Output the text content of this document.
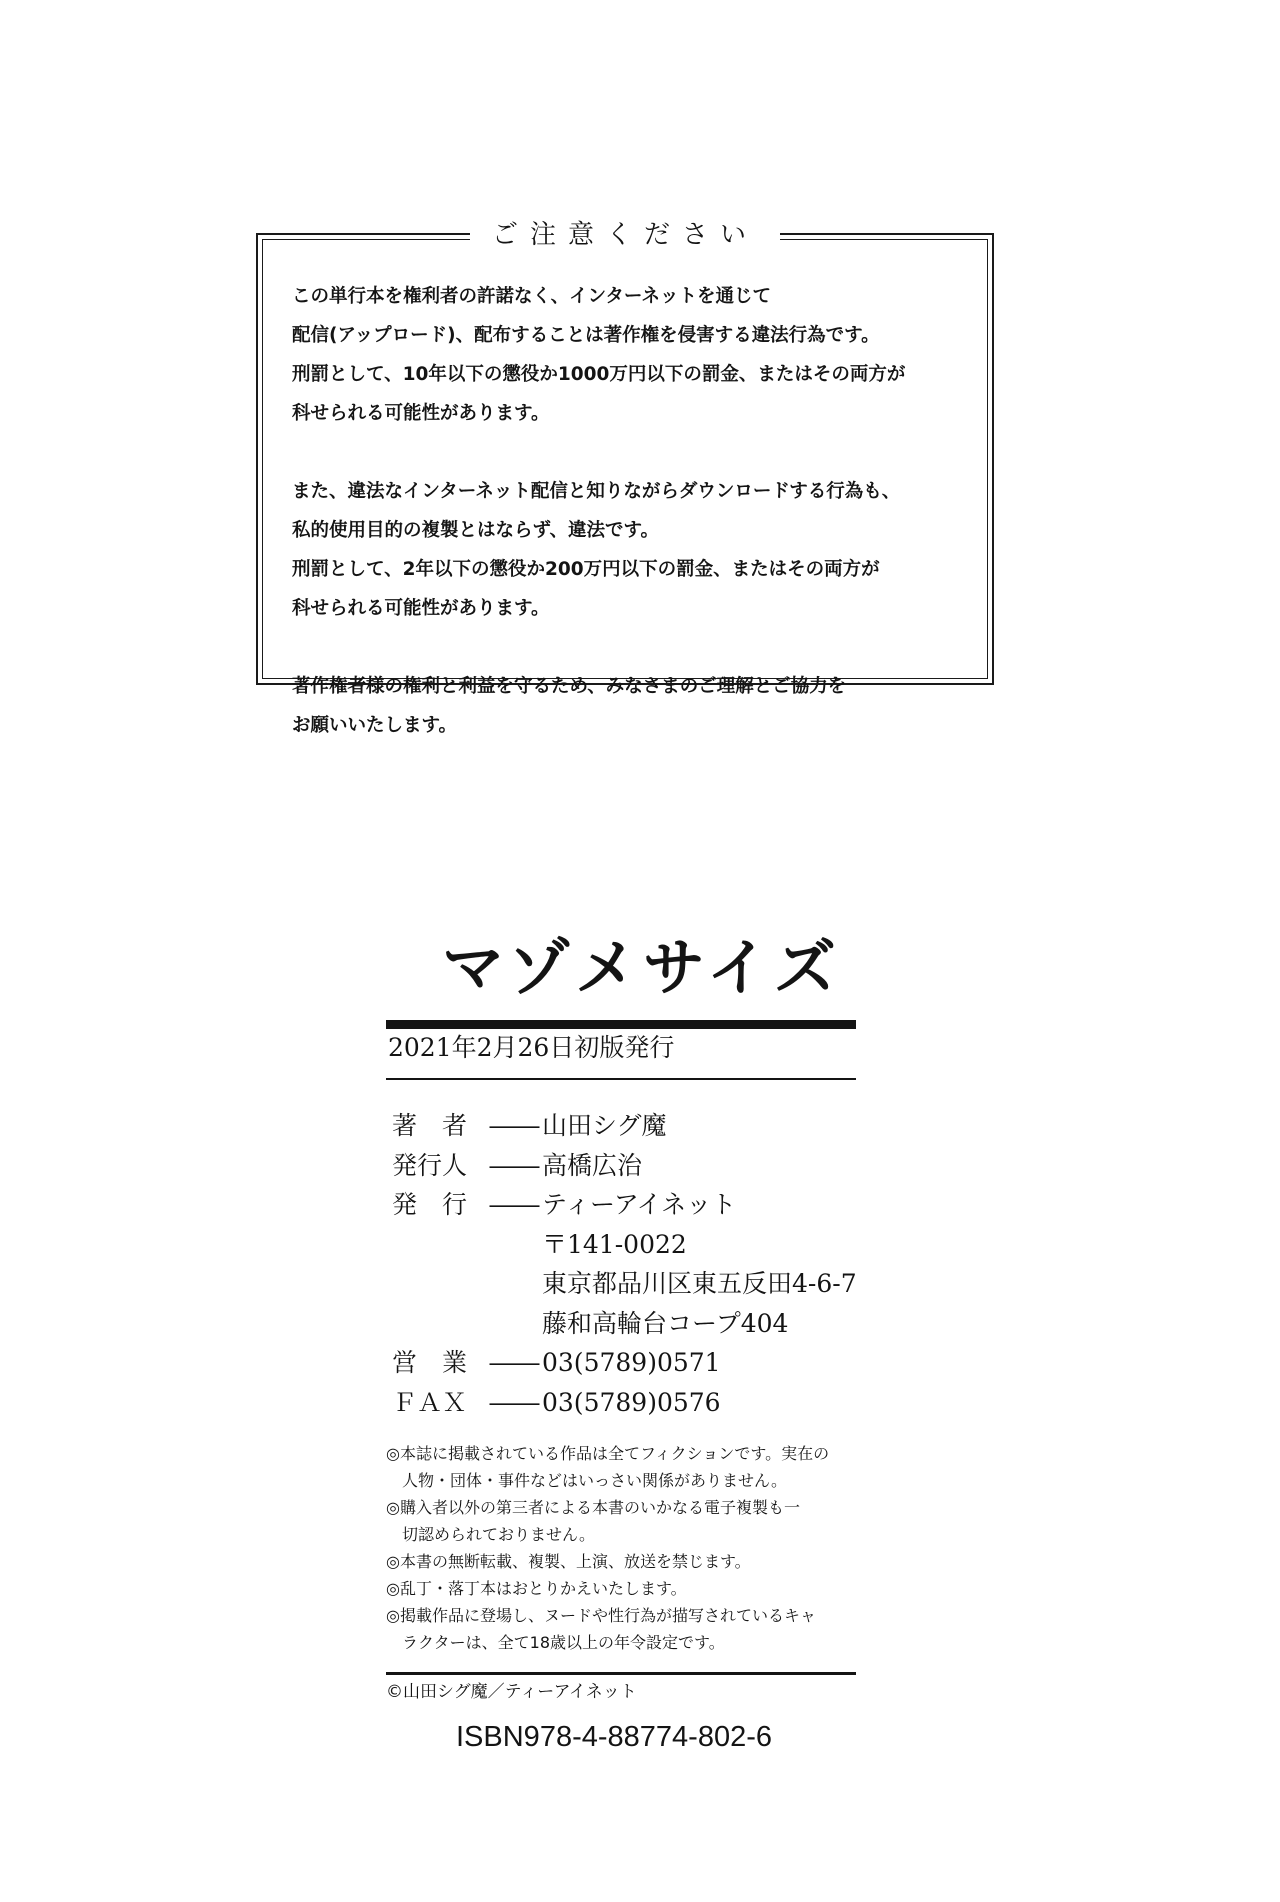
ご注意ください

この単行本を権利者の許諾なく、インターネットを通じて
配信(アップロード)、配布することは著作権を侵害する違法行為です。
刑罰として、10年以下の懲役か1000万円以下の罰金、またはその両方が
科せられる可能性があります。

また、違法なインターネット配信と知りながらダウンロードする行為も、
私的使用目的の複製とはならず、違法です。
刑罰として、2年以下の懲役か200万円以下の罰金、またはその両方が
科せられる可能性があります。

著作権者様の権利と利益を守るため、みなさまのご理解とご協力を
お願いいたします。

マゾメサイズ
2021年2月26日初版発行
著　者 ―― 山田シグ魔
発行人 ―― 高橋広治
発　行 ―― ティーアイネット
〒141-0022
東京都品川区東五反田4-6-7
藤和高輪台コープ404
営　業 ―― 03(5789)0571
ＦＡＸ ―― 03(5789)0576
◎本誌に掲載されている作品は全てフィクションです。実在の
人物・団体・事件などはいっさい関係がありません。
◎購入者以外の第三者による本書のいかなる電子複製も一
切認められておりません。
◎本書の無断転載、複製、上演、放送を禁じます。
◎乱丁・落丁本はおとりかえいたします。
◎掲載作品に登場し、ヌードや性行為が描写されているキャ
ラクターは、全て18歳以上の年令設定です。
©山田シグ魔／ティーアイネット
ISBN978-4-88774-802-6
